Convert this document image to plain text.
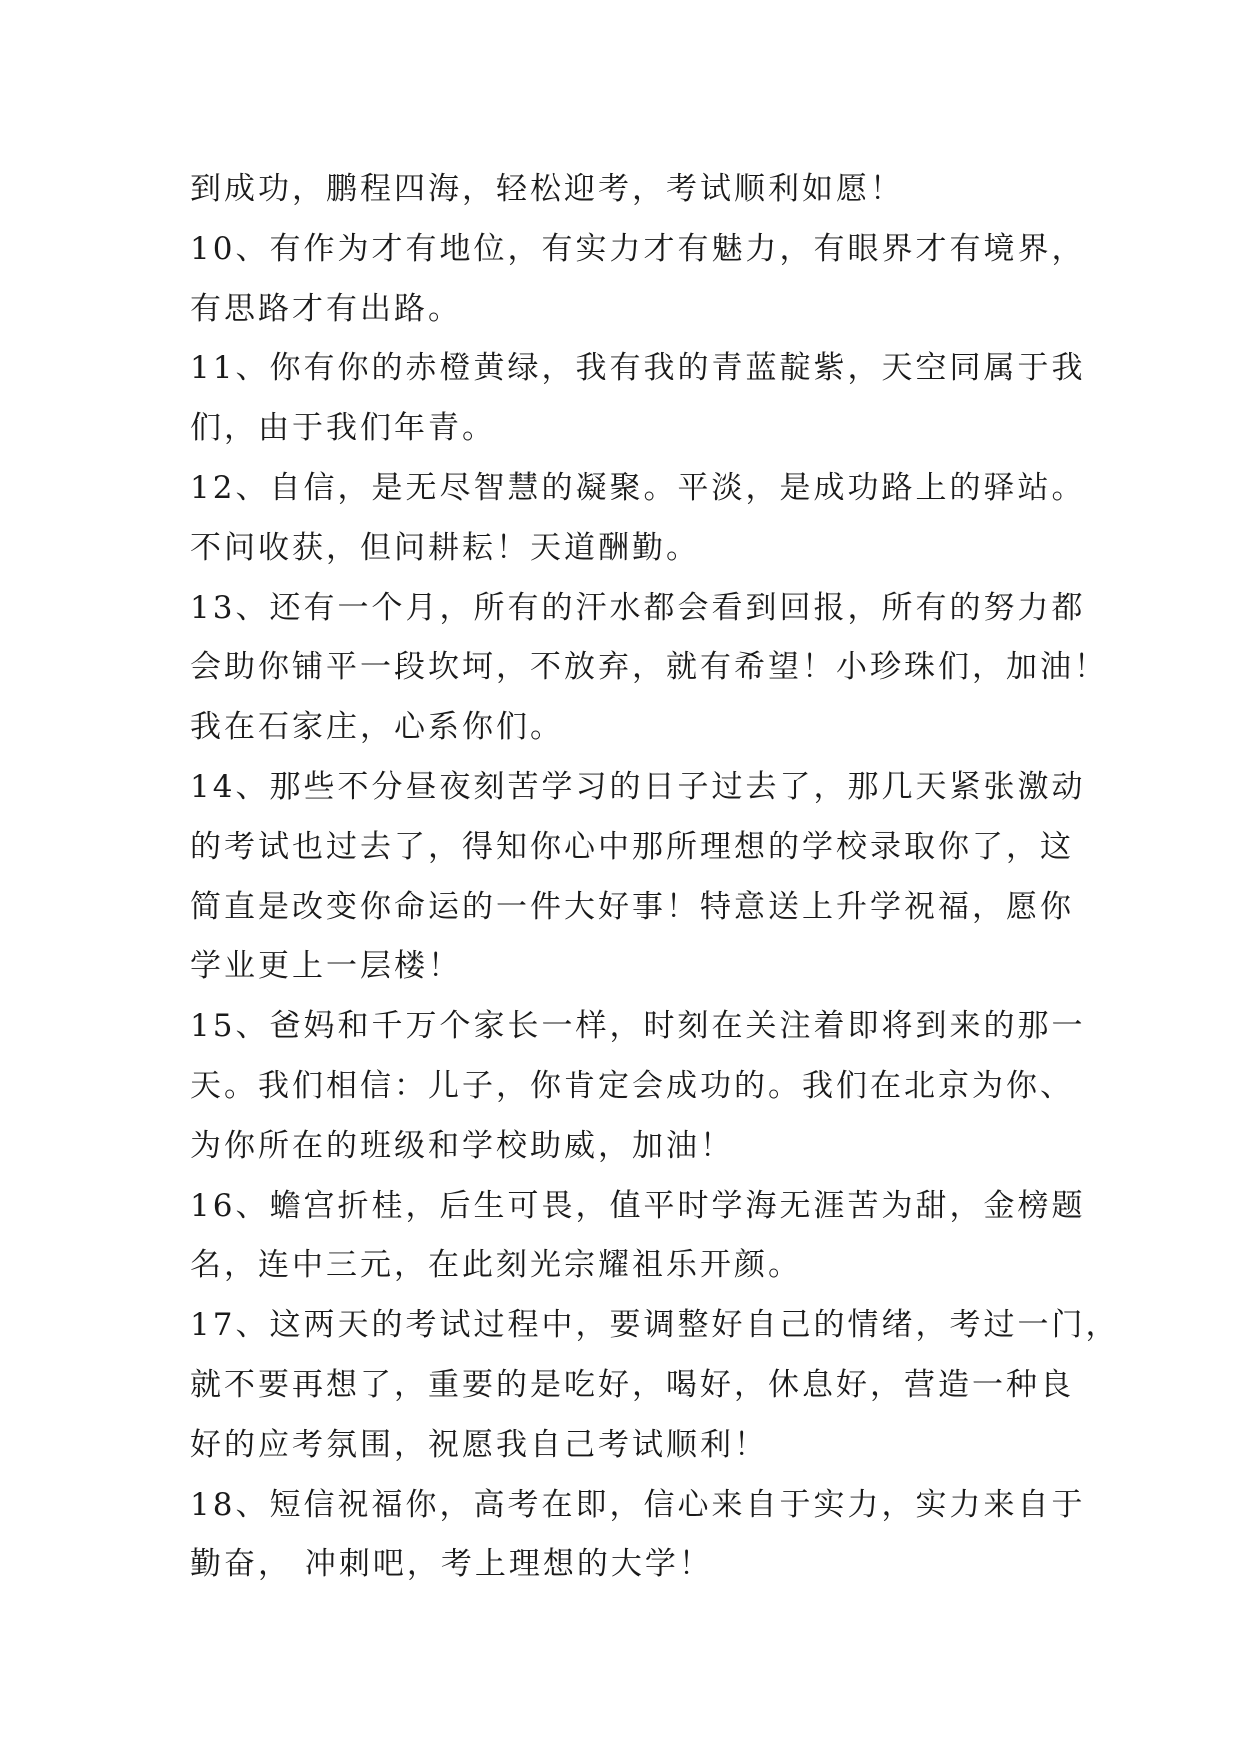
到成功，鹏程四海，轻松迎考，考试顺利如愿！
10、有作为才有地位，有实力才有魅力，有眼界才有境界，
有思路才有出路。
11、你有你的赤橙黄绿，我有我的青蓝靛紫，天空同属于我
们，由于我们年青。
12、自信，是无尽智慧的凝聚。平淡，是成功路上的驿站。
不问收获，但问耕耘！天道酬勤。
13、还有一个月，所有的汗水都会看到回报，所有的努力都
会助你铺平一段坎坷，不放弃，就有希望！小珍珠们，加油！
我在石家庄，心系你们。
14、那些不分昼夜刻苦学习的日子过去了，那几天紧张激动
的考试也过去了，得知你心中那所理想的学校录取你了，这
简直是改变你命运的一件大好事！特意送上升学祝福，愿你
学业更上一层楼！
15、爸妈和千万个家长一样，时刻在关注着即将到来的那一
天。我们相信：儿子，你肯定会成功的。我们在北京为你、
为你所在的班级和学校助威，加油！
16、蟾宫折桂，后生可畏，值平时学海无涯苦为甜，金榜题
名，连中三元，在此刻光宗耀祖乐开颜。
17、这两天的考试过程中，要调整好自己的情绪，考过一门，
就不要再想了，重要的是吃好，喝好，休息好，营造一种良
好的应考氛围，祝愿我自己考试顺利！
18、短信祝福你，高考在即，信心来自于实力，实力来自于
勤奋， 冲刺吧，考上理想的大学！
